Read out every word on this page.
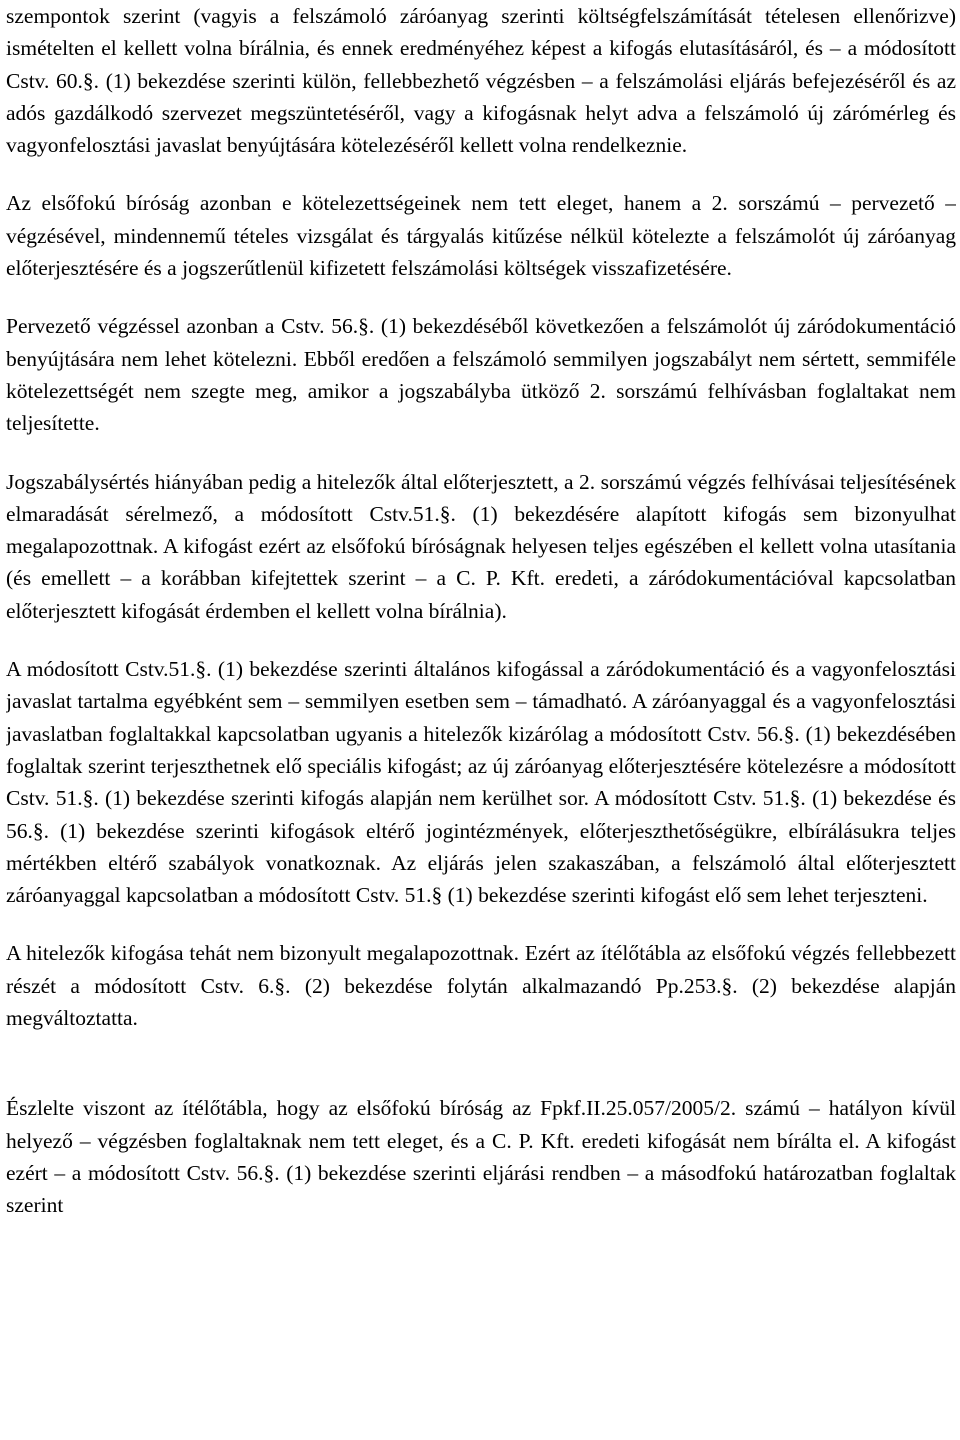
szempontok szerint (vagyis a felszámoló záróanyag szerinti költségfelszámítását tételesen ellenőrizve) ismételten el kellett volna bírálnia, és ennek eredményéhez képest a kifogás elutasításáról, és – a módosított Cstv. 60.§. (1) bekezdése szerinti külön, fellebbezhető végzésben – a felszámolási eljárás befejezéséről és az adós gazdálkodó szervezet megszüntetéséről, vagy a kifogásnak helyt adva a felszámoló új zárómérleg és vagyonfelosztási javaslat benyújtására kötelezéséről kellett volna rendelkeznie.

Az elsőfokú bíróság azonban e kötelezettségeinek nem tett eleget, hanem a 2. sorszámú – pervezető – végzésével, mindennemű tételes vizsgálat és tárgyalás kitűzése nélkül kötelezte a felszámolót új záróanyag előterjesztésére és a jogszerűtlenül kifizetett felszámolási költségek visszafizetésére.

Pervezető végzéssel azonban a Cstv. 56.§. (1) bekezdéséből következően a felszámolót új záródokumentáció benyújtására nem lehet kötelezni. Ebből eredően a felszámoló semmilyen jogszabályt nem sértett, semmiféle kötelezettségét nem szegte meg, amikor a jogszabályba ütköző 2. sorszámú felhívásban foglaltakat nem teljesítette.

Jogszabálysértés hiányában pedig a hitelezők által előterjesztett, a 2. sorszámú végzés felhívásai teljesítésének elmaradását sérelmező, a módosított Cstv.51.§. (1) bekezdésére alapított kifogás sem bizonyulhat megalapozottnak. A kifogást ezért az elsőfokú bíróságnak helyesen teljes egészében el kellett volna utasítania (és emellett – a korábban kifejtettek szerint – a C. P. Kft. eredeti, a záródokumentációval kapcsolatban előterjesztett kifogását érdemben el kellett volna bírálnia).

A módosított Cstv.51.§. (1) bekezdése szerinti általános kifogással a záródokumentáció és a vagyonfelosztási javaslat tartalma egyébként sem – semmilyen esetben sem – támadható. A záróanyaggal és a vagyonfelosztási javaslatban foglaltakkal kapcsolatban ugyanis a hitelezők kizárólag a módosított Cstv. 56.§. (1) bekezdésében foglaltak szerint terjeszthetnek elő speciális kifogást; az új záróanyag előterjesztésére kötelezésre a módosított Cstv. 51.§. (1) bekezdése szerinti kifogás alapján nem kerülhet sor. A módosított Cstv. 51.§. (1) bekezdése és 56.§. (1) bekezdése szerinti kifogások eltérő jogintézmények, előterjeszthetőségükre, elbírálásukra teljes mértékben eltérő szabályok vonatkoznak. Az eljárás jelen szakaszában, a felszámoló által előterjesztett záróanyaggal kapcsolatban a módosított Cstv. 51.§ (1) bekezdése szerinti kifogást elő sem lehet terjeszteni.

A hitelezők kifogása tehát nem bizonyult megalapozottnak. Ezért az ítélőtábla az elsőfokú végzés fellebbezett részét a módosított Cstv. 6.§. (2) bekezdése folytán alkalmazandó Pp.253.§. (2) bekezdése alapján megváltoztatta.

Észlelte viszont az ítélőtábla, hogy az elsőfokú bíróság az Fpkf.II.25.057/2005/2. számú – hatályon kívül helyező – végzésben foglaltaknak nem tett eleget, és a C. P. Kft. eredeti kifogását nem bírálta el. A kifogást ezért – a módosított Cstv. 56.§. (1) bekezdése szerinti eljárási rendben – a másodfokú határozatban foglaltak szerint
